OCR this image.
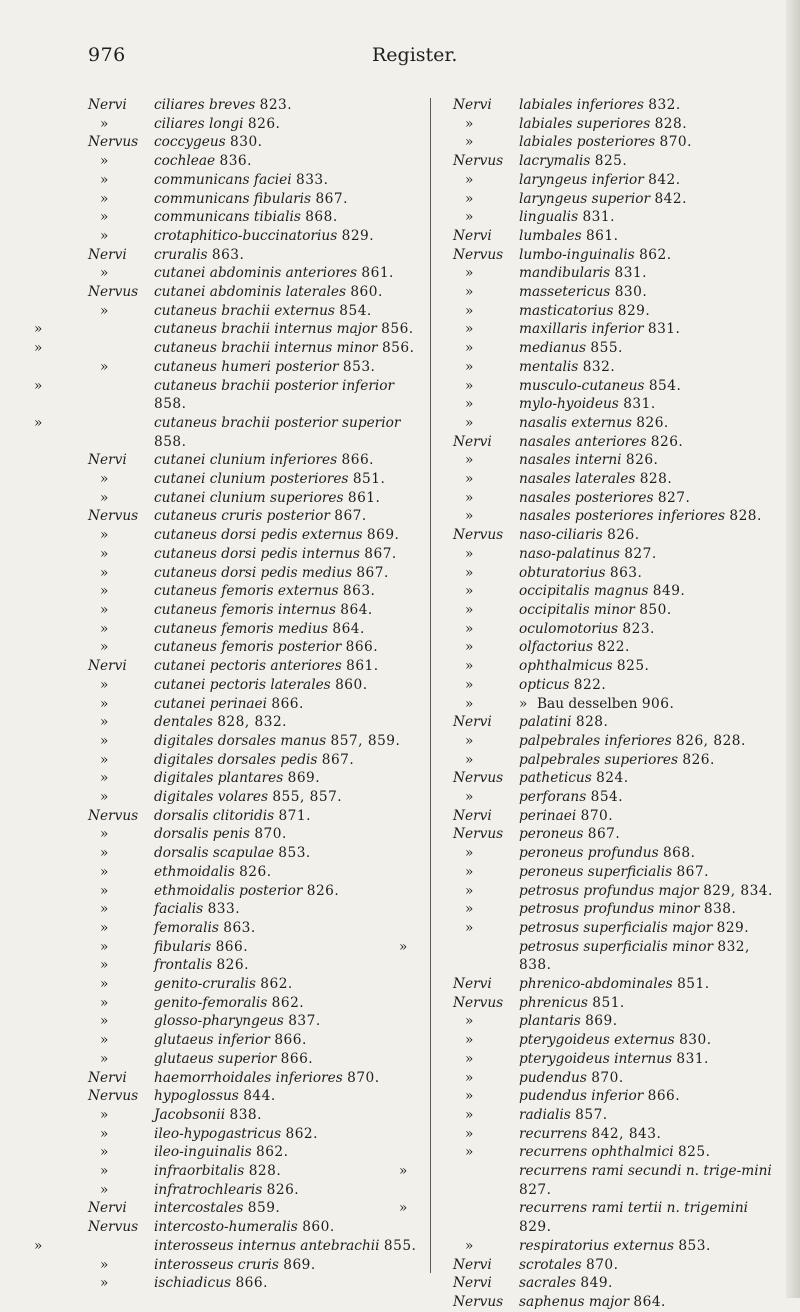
976	Register.
Nervi ciliares breves 823.
»	ciliares longi 826.
Nervus coccygeus 830.
»	cochleae 836.
»	communicans faciei 833.
»	communicans fibularis 867.
»	communicans tibialis 868.
»	crotaphitico-buccinatorius 829.
Nervi cruralis 863.
»	cutanei abdominis anteriores 861.
Nervus cutanei abdominis laterales 860.
»	cutaneus brachii externus 854.
»	cutaneus brachii internus major 856.
»	cutaneus brachii internus minor 856.
»	cutaneus humeri posterior 853.
»	cutaneus brachii posterior inferior 858.
»	cutaneus brachii posterior superior 858.
Nervi cutanei clunium inferiores 866.
»	cutanei clunium posteriores 851.
»	cutanei clunium superiores 861.
Nervus cutaneus cruris posterior 867.
»	cutaneus dorsi pedis externus 869.
»	cutaneus dorsi pedis internus 867.
»	cutaneus dorsi pedis medius 867.
»	cutaneus femoris externus 863.
»	cutaneus femoris internus 864.
»	cutaneus femoris medius 864.
»	cutaneus femoris posterior 866.
Nervi cutanei pectoris anteriores 861.
»	cutanei pectoris laterales 860.
»	cutanei perinaei 866.
»	dentales 828, 832.
»	digitales dorsales manus 857, 859.
»	digitales dorsales pedis 867.
»	digitales plantares 869.
»	digitales volares 855, 857.
Nervus dorsalis clitoridis 871.
»	dorsalis penis 870.
»	dorsalis scapulae 853.
»	ethmoidalis 826.
»	ethmoidalis posterior 826.
»	facialis 833.
»	femoralis 863.
»	fibularis 866.
»	frontalis 826.
»	genito-cruralis 862.
»	genito-femoralis 862.
»	glosso-pharyngeus 837.
»	glutaeus inferior 866.
»	glutaeus superior 866.
Nervi haemorrhoidales inferiores 870.
Nervus hypoglossus 844.
»	Jacobsonii 838.
»	ileo-hypogastricus 862.
»	ileo-inguinalis 862.
»	infraorbitalis 828.
»	infratrochlearis 826.
Nervi intercostales 859.
Nervus intercosto-humeralis 860.
»	interosseus internus antebrachii 855.
»	interosseus cruris 869.
»	ischiadicus 866.
Nervi labiales inferiores 832.
»	labiales superiores 828.
»	labiales posteriores 870.
Nervus lacrymalis 825.
»	laryngeus inferior 842.
»	laryngeus superior 842.
»	lingualis 831.
Nervi lumbales 861.
Nervus lumbo-inguinalis 862.
»	mandibularis 831.
»	massetericus 830.
»	masticatorius 829.
»	maxillaris inferior 831.
»	medianus 855.
»	mentalis 832.
»	musculo-cutaneus 854.
»	mylo-hyoideus 831.
»	nasalis externus 826.
Nervi nasales anteriores 826.
»	nasales interni 826.
»	nasales laterales 828.
»	nasales posteriores 827.
»	nasales posteriores inferiores 828.
Nervus naso-ciliaris 826.
»	naso-palatinus 827.
»	obturatorius 863.
»	occipitalis magnus 849.
»	occipitalis minor 850.
»	oculomotorius 823.
»	olfactorius 822.
»	ophthalmicus 825.
»	opticus 822.
»	» Bau desselben 906.
Nervi palatini 828.
»	palpebrales inferiores 826, 828.
»	palpebrales superiores 826.
Nervus patheticus 824.
»	perforans 854.
Nervi perinaei 870.
Nervus peroneus 867.
»	peroneus profundus 868.
»	peroneus superficialis 867.
»	petrosus profundus major 829, 834.
»	petrosus profundus minor 838.
»	petrosus superficialis major 829.
»	petrosus superficialis minor 832, 838.
Nervi phrenico-abdominales 851.
Nervus phrenicus 851.
»	plantaris 869.
»	pterygoideus externus 830.
»	pterygoideus internus 831.
»	pudendus 870.
»	pudendus inferior 866.
»	radialis 857.
»	recurrens 842, 843.
»	recurrens ophthalmici 825.
»	recurrens rami secundi n. trige-mini 827.
»	recurrens rami tertii n. trigemini 829.
»	respiratorius externus 853.
Nervi scrotales 870.
Nervi sacrales 849.
Nervus saphenus major 864.
